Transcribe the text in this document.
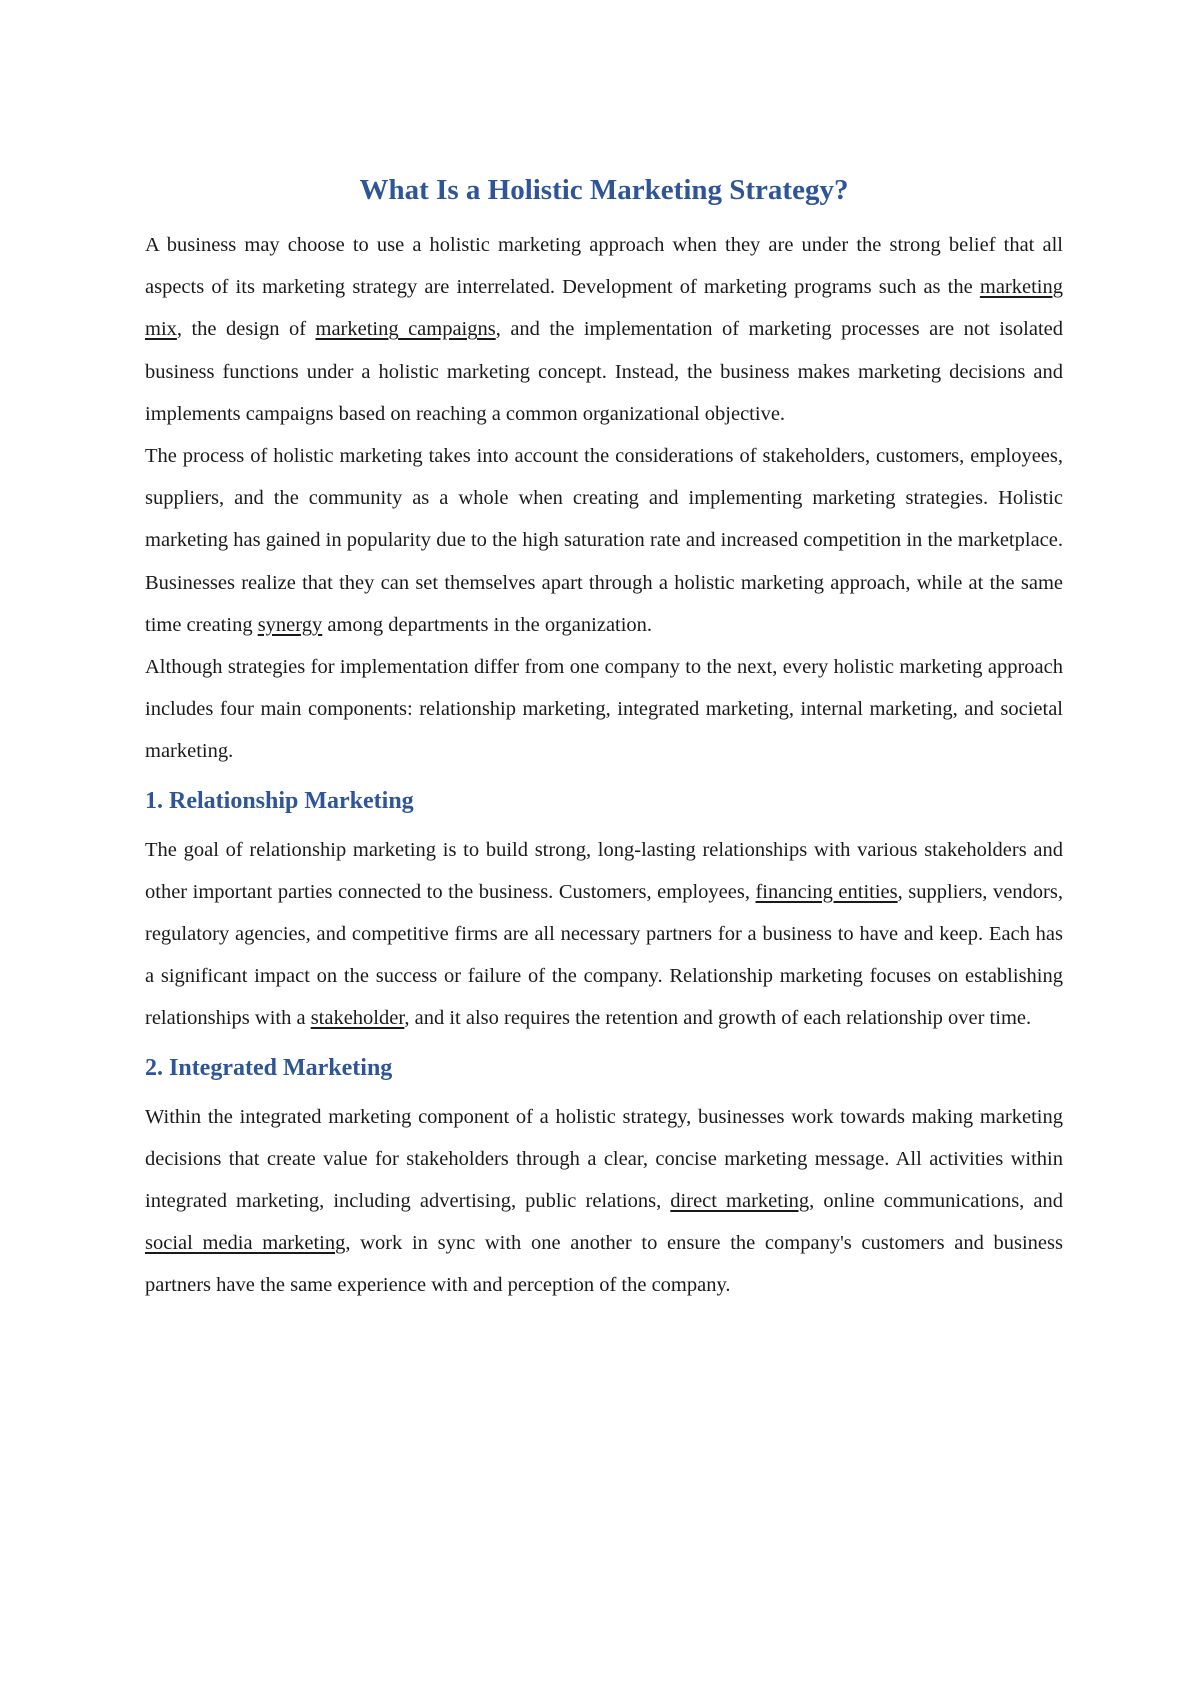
What Is a Holistic Marketing Strategy?

A business may choose to use a holistic marketing approach when they are under the strong belief that all aspects of its marketing strategy are interrelated. Development of marketing programs such as the marketing mix, the design of marketing campaigns, and the implementation of marketing processes are not isolated business functions under a holistic marketing concept. Instead, the business makes marketing decisions and implements campaigns based on reaching a common organizational objective.

The process of holistic marketing takes into account the considerations of stakeholders, customers, employees, suppliers, and the community as a whole when creating and implementing marketing strategies. Holistic marketing has gained in popularity due to the high saturation rate and increased competition in the marketplace. Businesses realize that they can set themselves apart through a holistic marketing approach, while at the same time creating synergy among departments in the organization.

Although strategies for implementation differ from one company to the next, every holistic marketing approach includes four main components: relationship marketing, integrated marketing, internal marketing, and societal marketing.

1. Relationship Marketing

The goal of relationship marketing is to build strong, long-lasting relationships with various stakeholders and other important parties connected to the business. Customers, employees, financing entities, suppliers, vendors, regulatory agencies, and competitive firms are all necessary partners for a business to have and keep. Each has a significant impact on the success or failure of the company. Relationship marketing focuses on establishing relationships with a stakeholder, and it also requires the retention and growth of each relationship over time.

2. Integrated Marketing

Within the integrated marketing component of a holistic strategy, businesses work towards making marketing decisions that create value for stakeholders through a clear, concise marketing message. All activities within integrated marketing, including advertising, public relations, direct marketing, online communications, and social media marketing, work in sync with one another to ensure the company's customers and business partners have the same experience with and perception of the company.
